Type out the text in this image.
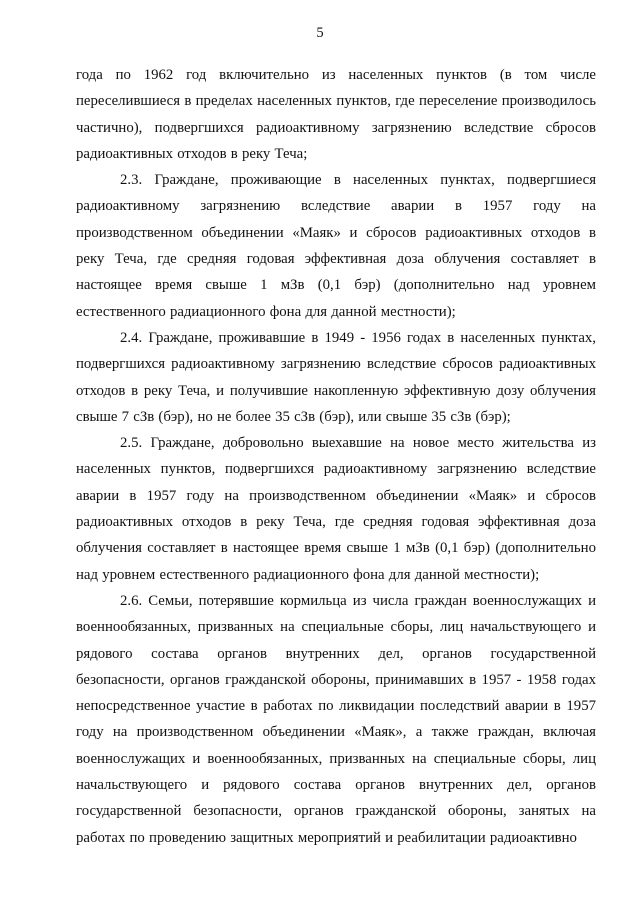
5

года по 1962 год включительно из населенных пунктов (в том числе переселившиеся в пределах населенных пунктов, где переселение производилось частично), подвергшихся радиоактивному загрязнению вследствие сбросов радиоактивных отходов в реку Теча;

2.3. Граждане, проживающие в населенных пунктах, подвергшиеся радиоактивному загрязнению вследствие аварии в 1957 году на производственном объединении «Маяк» и сбросов радиоактивных отходов в реку Теча, где средняя годовая эффективная доза облучения составляет в настоящее время свыше 1 мЗв (0,1 бэр) (дополнительно над уровнем естественного радиационного фона для данной местности);

2.4. Граждане, проживавшие в 1949 - 1956 годах в населенных пунктах, подвергшихся радиоактивному загрязнению вследствие сбросов радиоактивных отходов в реку Теча, и получившие накопленную эффективную дозу облучения свыше 7 сЗв (бэр), но не более 35 сЗв (бэр), или свыше 35 сЗв (бэр);

2.5. Граждане, добровольно выехавшие на новое место жительства из населенных пунктов, подвергшихся радиоактивному загрязнению вследствие аварии в 1957 году на производственном объединении «Маяк» и сбросов радиоактивных отходов в реку Теча, где средняя годовая эффективная доза облучения составляет в настоящее время свыше 1 мЗв (0,1 бэр) (дополнительно над уровнем естественного радиационного фона для данной местности);

2.6. Семьи, потерявшие кормильца из числа граждан военнослужащих и военнообязанных, призванных на специальные сборы, лиц начальствующего и рядового состава органов внутренних дел, органов государственной безопасности, органов гражданской обороны, принимавших в 1957 - 1958 годах непосредственное участие в работах по ликвидации последствий аварии в 1957 году на производственном объединении «Маяк», а также граждан, включая военнослужащих и военнообязанных, призванных на специальные сборы, лиц начальствующего и рядового состава органов внутренних дел, органов государственной безопасности, органов гражданской обороны, занятых на работах по проведению защитных мероприятий и реабилитации радиоактивно
